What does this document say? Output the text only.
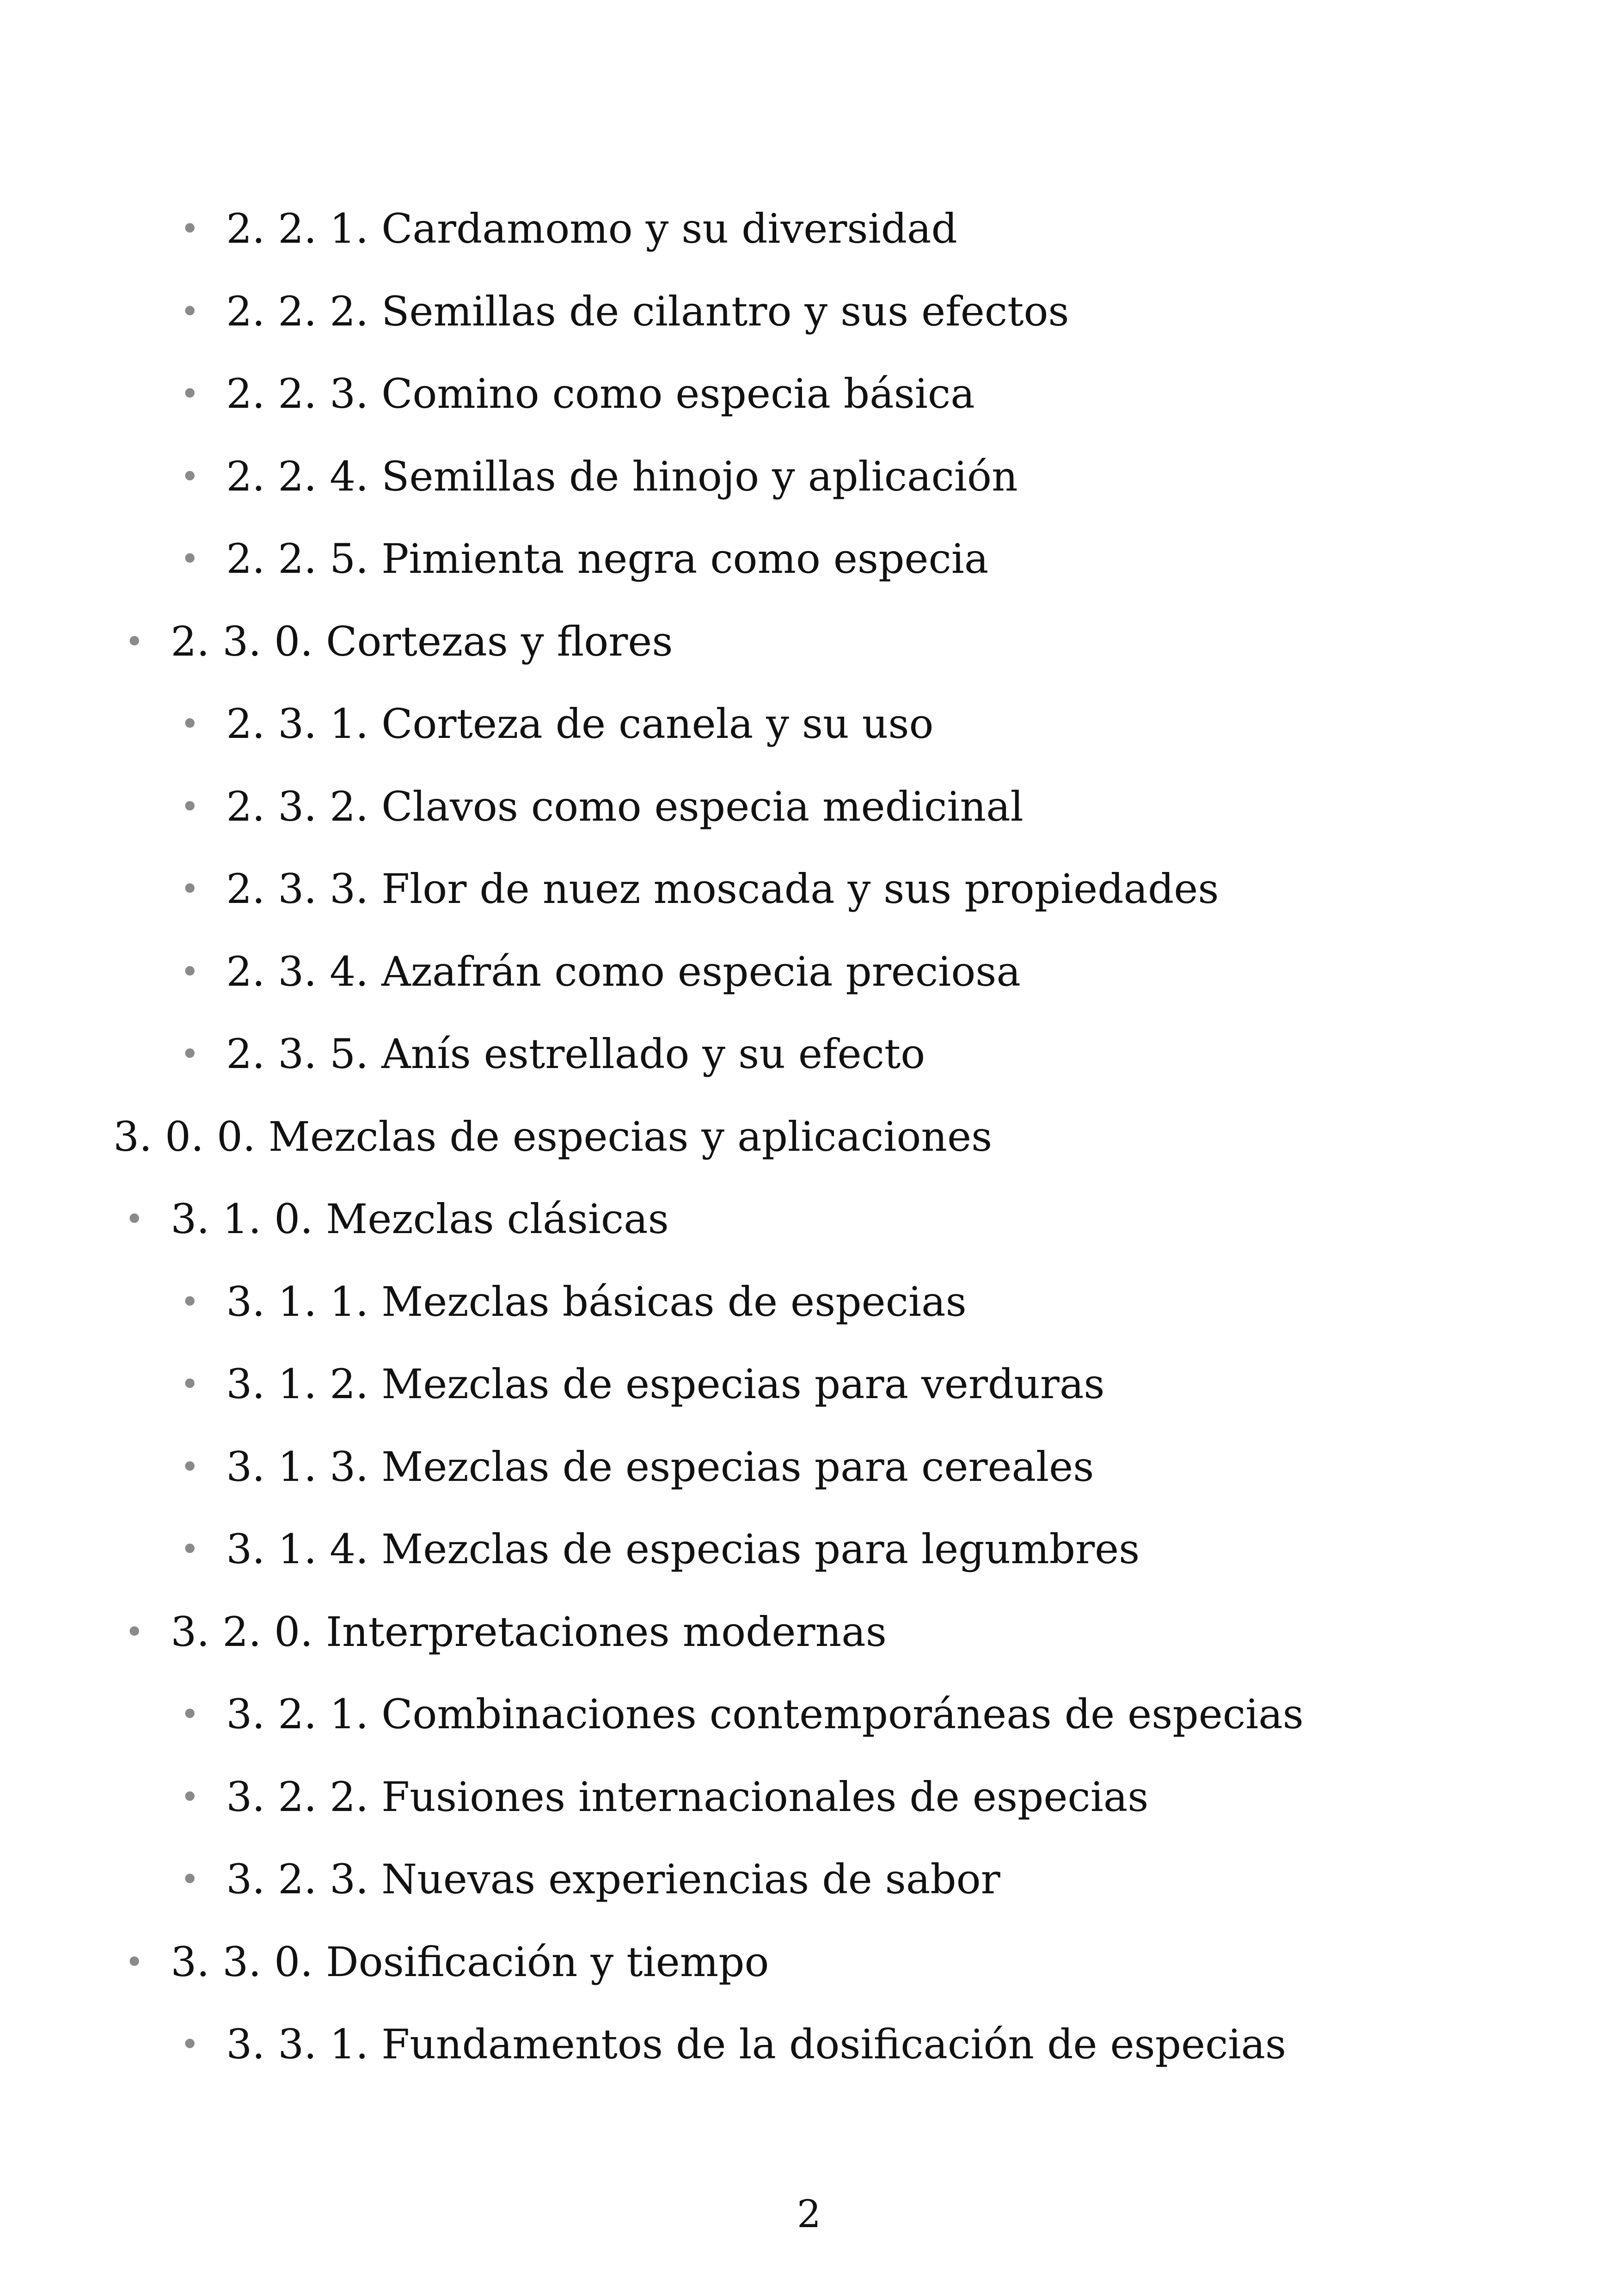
• 2. 2. 1. Cardamomo y su diversidad
• 2. 2. 2. Semillas de cilantro y sus efectos
• 2. 2. 3. Comino como especia básica
• 2. 2. 4. Semillas de hinojo y aplicación
• 2. 2. 5. Pimienta negra como especia
• 2. 3. 0. Cortezas y flores
• 2. 3. 1. Corteza de canela y su uso
• 2. 3. 2. Clavos como especia medicinal
• 2. 3. 3. Flor de nuez moscada y sus propiedades
• 2. 3. 4. Azafrán como especia preciosa
• 2. 3. 5. Anís estrellado y su efecto
3. 0. 0. Mezclas de especias y aplicaciones
• 3. 1. 0. Mezclas clásicas
• 3. 1. 1. Mezclas básicas de especias
• 3. 1. 2. Mezclas de especias para verduras
• 3. 1. 3. Mezclas de especias para cereales
• 3. 1. 4. Mezclas de especias para legumbres
• 3. 2. 0. Interpretaciones modernas
• 3. 2. 1. Combinaciones contemporáneas de especias
• 3. 2. 2. Fusiones internacionales de especias
• 3. 2. 3. Nuevas experiencias de sabor
• 3. 3. 0. Dosificación y tiempo
• 3. 3. 1. Fundamentos de la dosificación de especias
2
